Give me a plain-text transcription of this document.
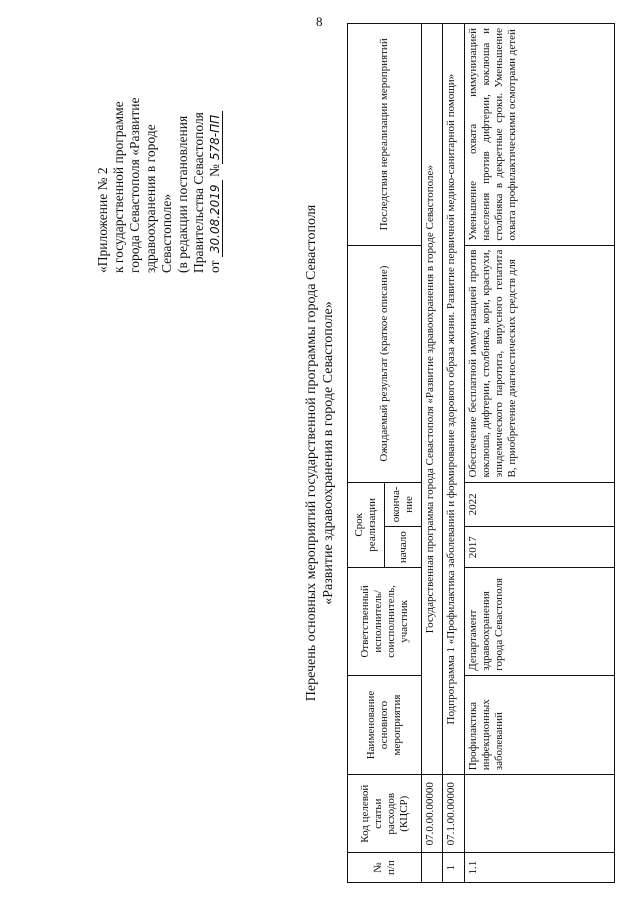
8
«Приложение № 2 к государственной программе города Севастополя «Развитие здравоохранения в городе Севастополе» (в редакции постановления Правительства Севастополя от 30.08.2019 №578-ПП
Перечень основных мероприятий государственной программы города Севастополя «Развитие здравоохранения в городе Севастополе»
№ п/п	Код целевой статьи расходов (КЦСР)	Наименование основного мероприятия	Ответственный исполнитель/ соисполнитель, участник	Срок реализации		Ожидаемый результат (краткое описание)	Последствия нереализации мероприятий
				начало	оконча-ние		
	07.0.00.00000	Государственная программа города Севастополя «Развитие здравоохранения в городе Севастополе»					
1	07.1.00.00000	Подпрограмма 1 «Профилактика заболеваний и формирование здорового образа жизни. Развитие первичной медико-санитарной помощи»					
1.1		Профилактика инфекционных заболеваний	Департамент здравоохранения города Севастополя	2017	2022	Обеспечение бесплатной иммунизацией против коклюша, дифтерии, столбняка, кори, краснухи, эпидемического паротита, вирусного гепатита В, приобретение диагностических средств для	Уменьшение охвата иммунизацией населения против дифтерии, коклюша и столбняка в декретные сроки. Уменьшение охвата профилактическими осмотрами детей
